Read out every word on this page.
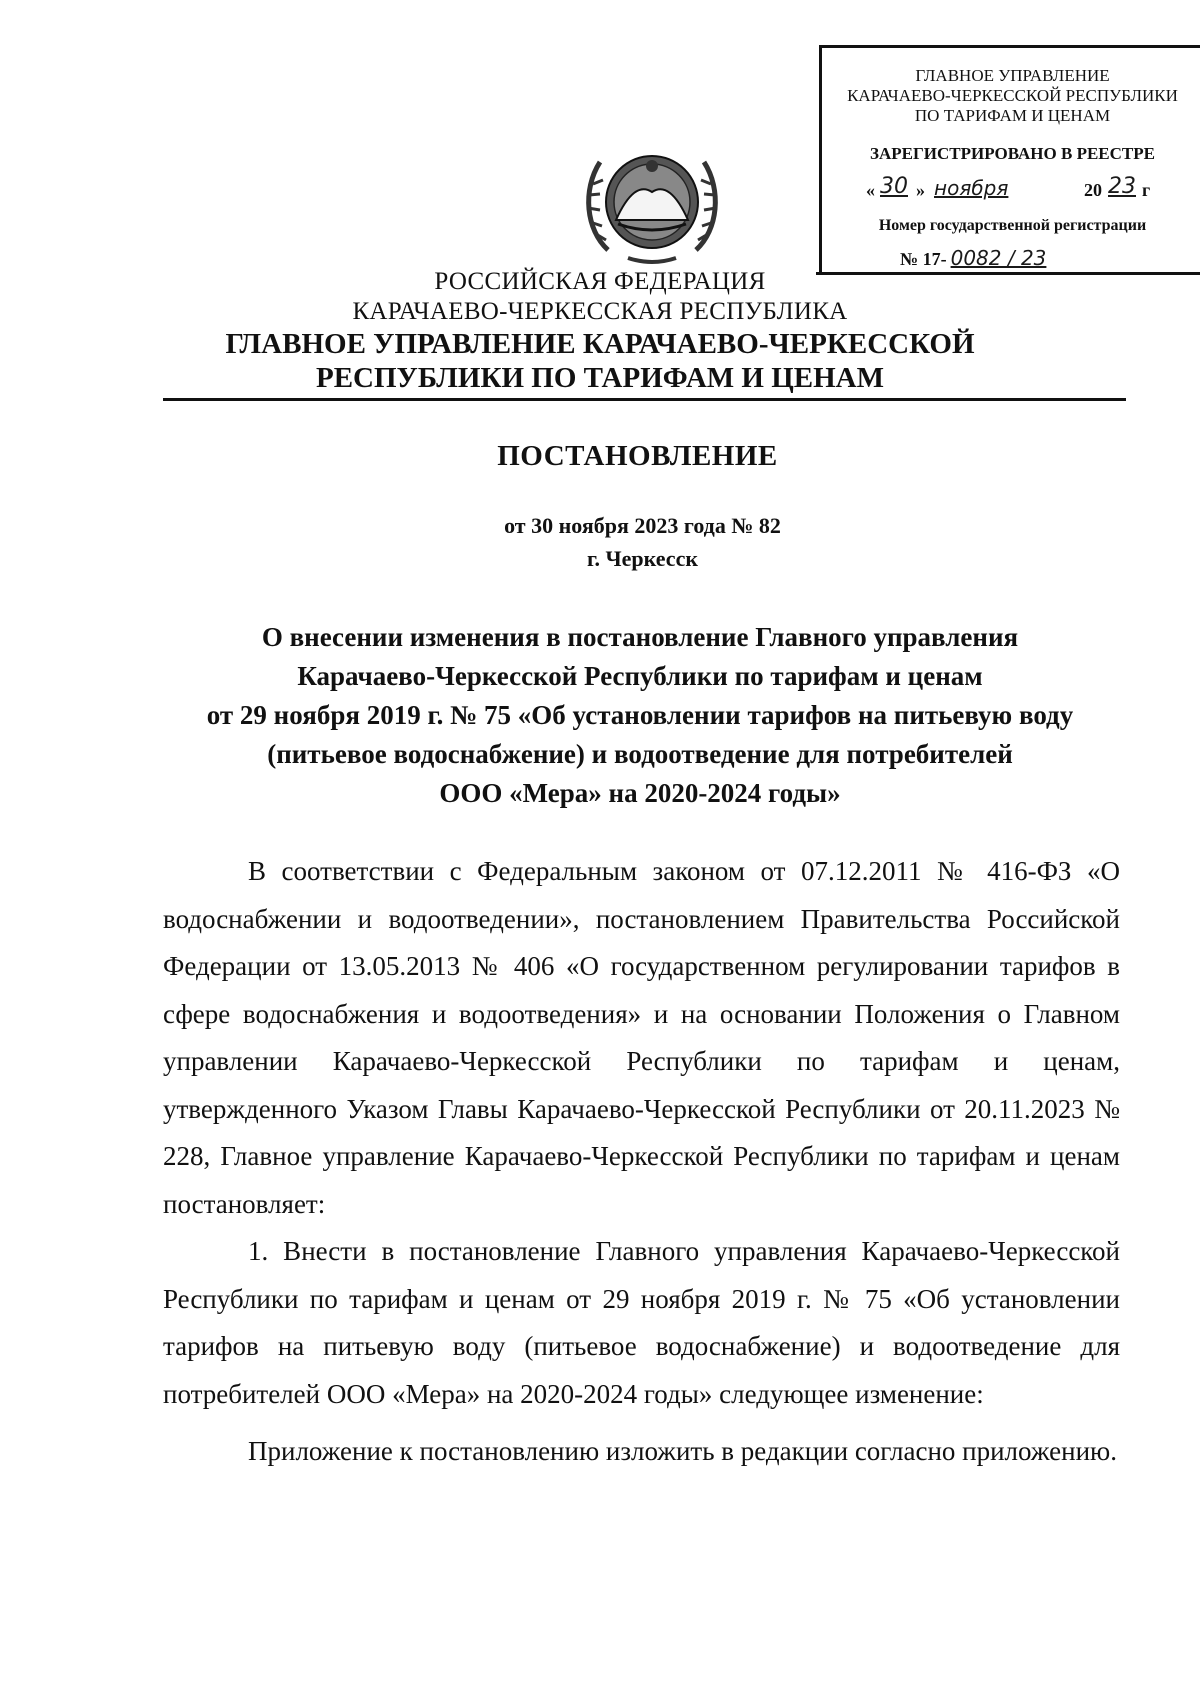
ГЛАВНОЕ УПРАВЛЕНИЕ
КАРАЧАЕВО-ЧЕРКЕССКОЙ РЕСПУБЛИКИ
ПО ТАРИФАМ И ЦЕНАМ
ЗАРЕГИСТРИРОВАНО В РЕЕСТРЕ
« 30 » ноября	20 23 г
Номер государственной регистрации
№ 17- 0082 / 23
РОССИЙСКАЯ ФЕДЕРАЦИЯ
КАРАЧАЕВО-ЧЕРКЕССКАЯ РЕСПУБЛИКА
ГЛАВНОЕ УПРАВЛЕНИЕ КАРАЧАЕВО-ЧЕРКЕССКОЙ
РЕСПУБЛИКИ ПО ТАРИФАМ И ЦЕНАМ
ПОСТАНОВЛЕНИЕ
от 30 ноября 2023 года № 82
г. Черкесск
О внесении изменения в постановление Главного управления
Карачаево-Черкесской Республики по тарифам и ценам
от 29 ноября 2019 г. № 75 «Об установлении тарифов на питьевую воду
(питьевое водоснабжение) и водоотведение для потребителей
ООО «Мера» на 2020-2024 годы»

В соответствии с Федеральным законом от 07.12.2011 № 416-ФЗ «О водоснабжении и водоотведении», постановлением Правительства Российской Федерации от 13.05.2013 № 406 «О государственном регулировании тарифов в сфере водоснабжения и водоотведения» и на основании Положения о Главном управлении Карачаево-Черкесской Республики по тарифам и ценам, утвержденного Указом Главы Карачаево-Черкесской Республики от 20.11.2023 № 228, Главное управление Карачаево-Черкесской Республики по тарифам и ценам постановляет:

1. Внести в постановление Главного управления Карачаево-Черкесской Республики по тарифам и ценам от 29 ноября 2019 г. № 75 «Об установлении тарифов на питьевую воду (питьевое водоснабжение) и водоотведение для потребителей ООО «Мера» на 2020-2024 годы» следующее изменение:

Приложение к постановлению изложить в редакции согласно приложению.
